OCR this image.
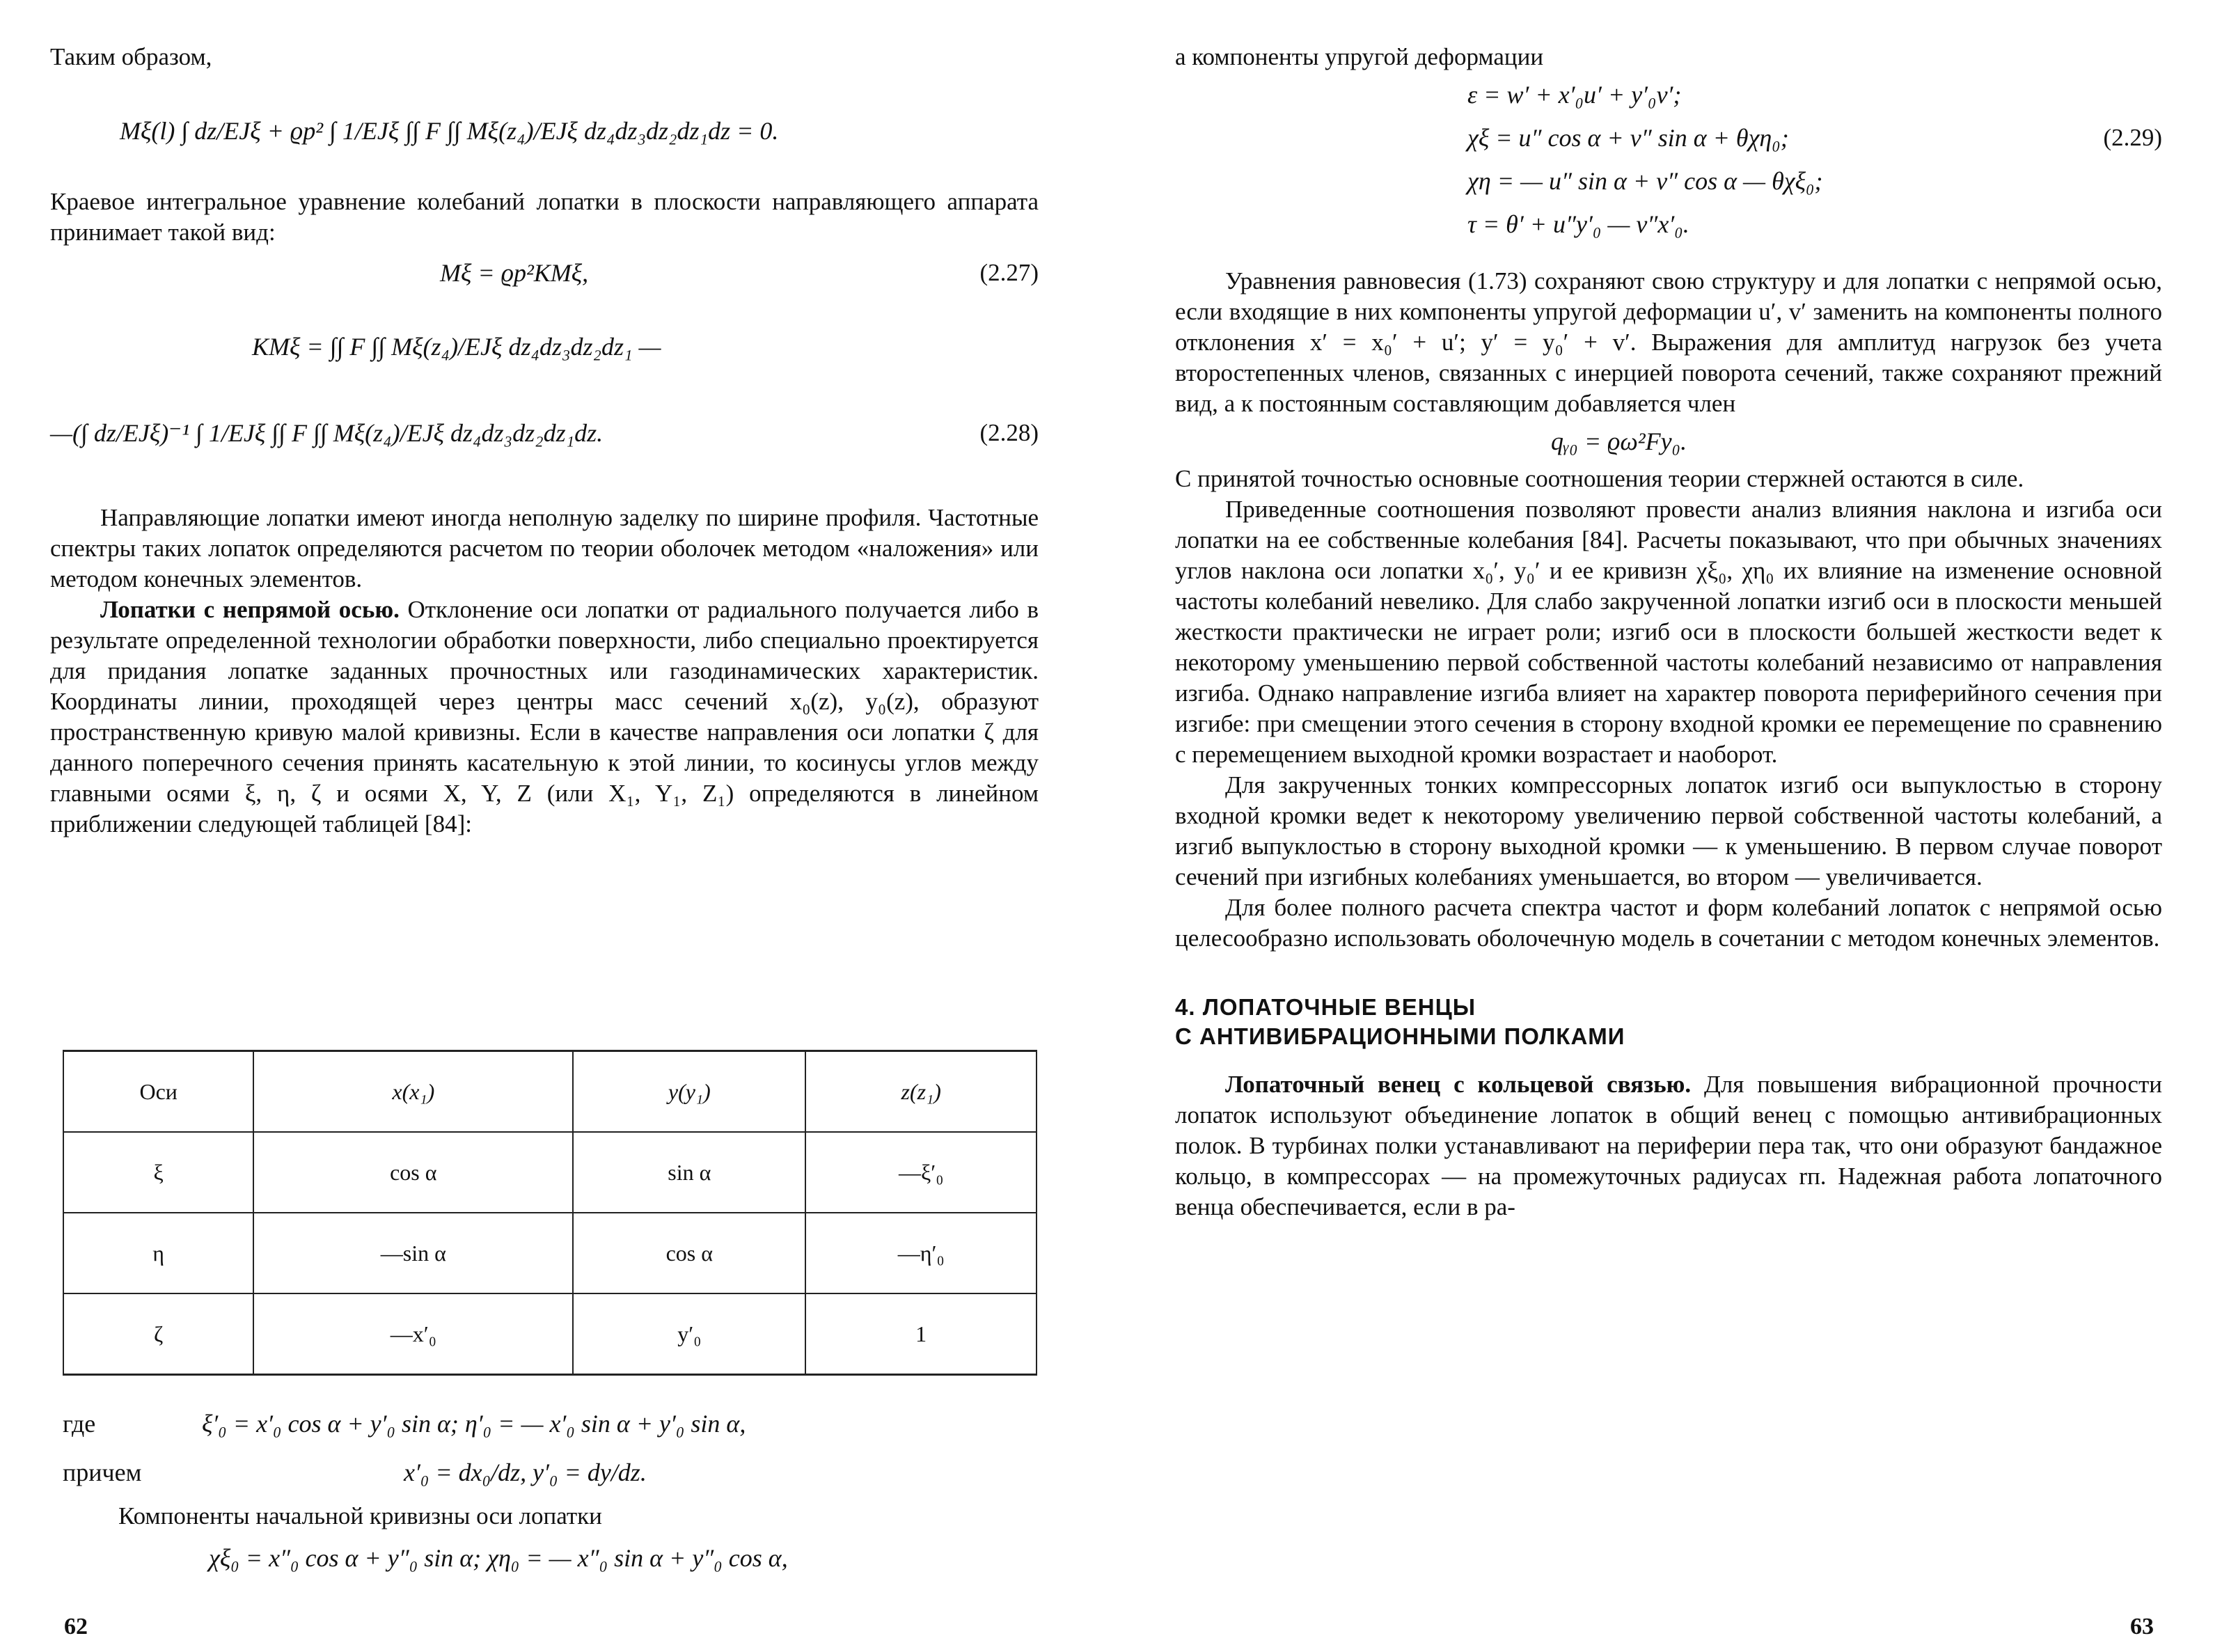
Таким образом,

Mξ(l) ∫ dz/EJξ + ϱp² ∫ 1/EJξ ∫∫ F ∫∫ Mξ(z₄)/EJξ dz₄dz₃dz₂dz₁dz = 0.

Краевое интегральное уравнение колебаний лопатки в плоскости направляющего аппарата принимает такой вид:

Mξ = ϱp²KMξ,	(2.27)
KMξ = ∫∫ F ∫∫ Mξ(z₄)/EJξ dz₄dz₃dz₂dz₁ —
—(∫ dz/EJξ)⁻¹ ∫ 1/EJξ ∫∫ F ∫∫ Mξ(z₄)/EJξ dz₄dz₃dz₂dz₁dz.	(2.28)

Направляющие лопатки имеют иногда неполную заделку по ширине профиля. Частотные спектры таких лопаток определяются расчетом по теории оболочек методом «наложения» или методом конечных элементов.

Лопатки с непрямой осью. Отклонение оси лопатки от радиального получается либо в результате определенной технологии обработки поверхности, либо специально проектируется для придания лопатке заданных прочностных или газодинамических характеристик. Координаты линии, проходящей через центры масс сечений x₀(z), y₀(z), образуют пространственную кривую малой кривизны. Если в качестве направления оси лопатки ζ для данного поперечного сечения принять касательную к этой линии, то косинусы углов между главными осями ξ, η, ζ и осями X, Y, Z (или X₁, Y₁, Z₁) определяются в линейном приближении следующей таблицей [84]:

Оси	x(x₁)	y(y₁)	z(z₁)
ξ	cos α	sin α	—ξ′₀
η	—sin α	cos α	—η′₀
ζ	—x′₀	y′₀	1
где	ξ′₀ = x′₀ cos α + y′₀ sin α; η′₀ = — x′₀ sin α + y′₀ sin α,
причем	x′₀ = dx₀/dz, y′₀ = dy/dz.

Компоненты начальной кривизны оси лопатки

χξ₀ = x″₀ cos α + y″₀ sin α; χη₀ = — x″₀ sin α + y″₀ cos α,
62

а компоненты упругой деформации

ε = w′ + x′₀u′ + y′₀v′;
χξ = u″ cos α + v″ sin α + θχη₀;
χη = — u″ sin α + v″ cos α — θχξ₀;
τ = θ′ + u″y′₀ — v″x′₀.
(2.29)

Уравнения равновесия (1.73) сохраняют свою структуру и для лопатки с непрямой осью, если входящие в них компоненты упругой деформации u′, v′ заменить на компоненты полного отклонения x′ = x₀′ + u′; y′ = y₀′ + v′. Выражения для амплитуд нагрузок без учета второстепенных членов, связанных с инерцией поворота сечений, также сохраняют прежний вид, а к постоянным составляющим добавляется член

qᵧ₀ = ϱω²Fy₀.

С принятой точностью основные соотношения теории стержней остаются в силе.

Приведенные соотношения позволяют провести анализ влияния наклона и изгиба оси лопатки на ее собственные колебания [84]. Расчеты показывают, что при обычных значениях углов наклона оси лопатки x₀′, y₀′ и ее кривизн χξ₀, χη₀ их влияние на изменение основной частоты колебаний невелико. Для слабо закрученной лопатки изгиб оси в плоскости меньшей жесткости практически не играет роли; изгиб оси в плоскости большей жесткости ведет к некоторому уменьшению первой собственной частоты колебаний независимо от направления изгиба. Однако направление изгиба влияет на характер поворота периферийного сечения при изгибе: при смещении этого сечения в сторону входной кромки ее перемещение по сравнению с перемещением выходной кромки возрастает и наоборот.

Для закрученных тонких компрессорных лопаток изгиб оси выпуклостью в сторону входной кромки ведет к некоторому увеличению первой собственной частоты колебаний, а изгиб выпуклостью в сторону выходной кромки — к уменьшению. В первом случае поворот сечений при изгибных колебаниях уменьшается, во втором — увеличивается.

Для более полного расчета спектра частот и форм колебаний лопаток с непрямой осью целесообразно использовать оболочечную модель в сочетании с методом конечных элементов.

4. ЛОПАТОЧНЫЕ ВЕНЦЫ
С АНТИВИБРАЦИОННЫМИ ПОЛКАМИ

Лопаточный венец с кольцевой связью. Для повышения вибрационной прочности лопаток используют объединение лопаток в общий венец с помощью антивибрационных полок. В турбинах полки устанавливают на периферии пера так, что они образуют бандажное кольцо, в компрессорах — на промежуточных радиусах rп. Надежная работа лопаточного венца обеспечивается, если в ра-

63
